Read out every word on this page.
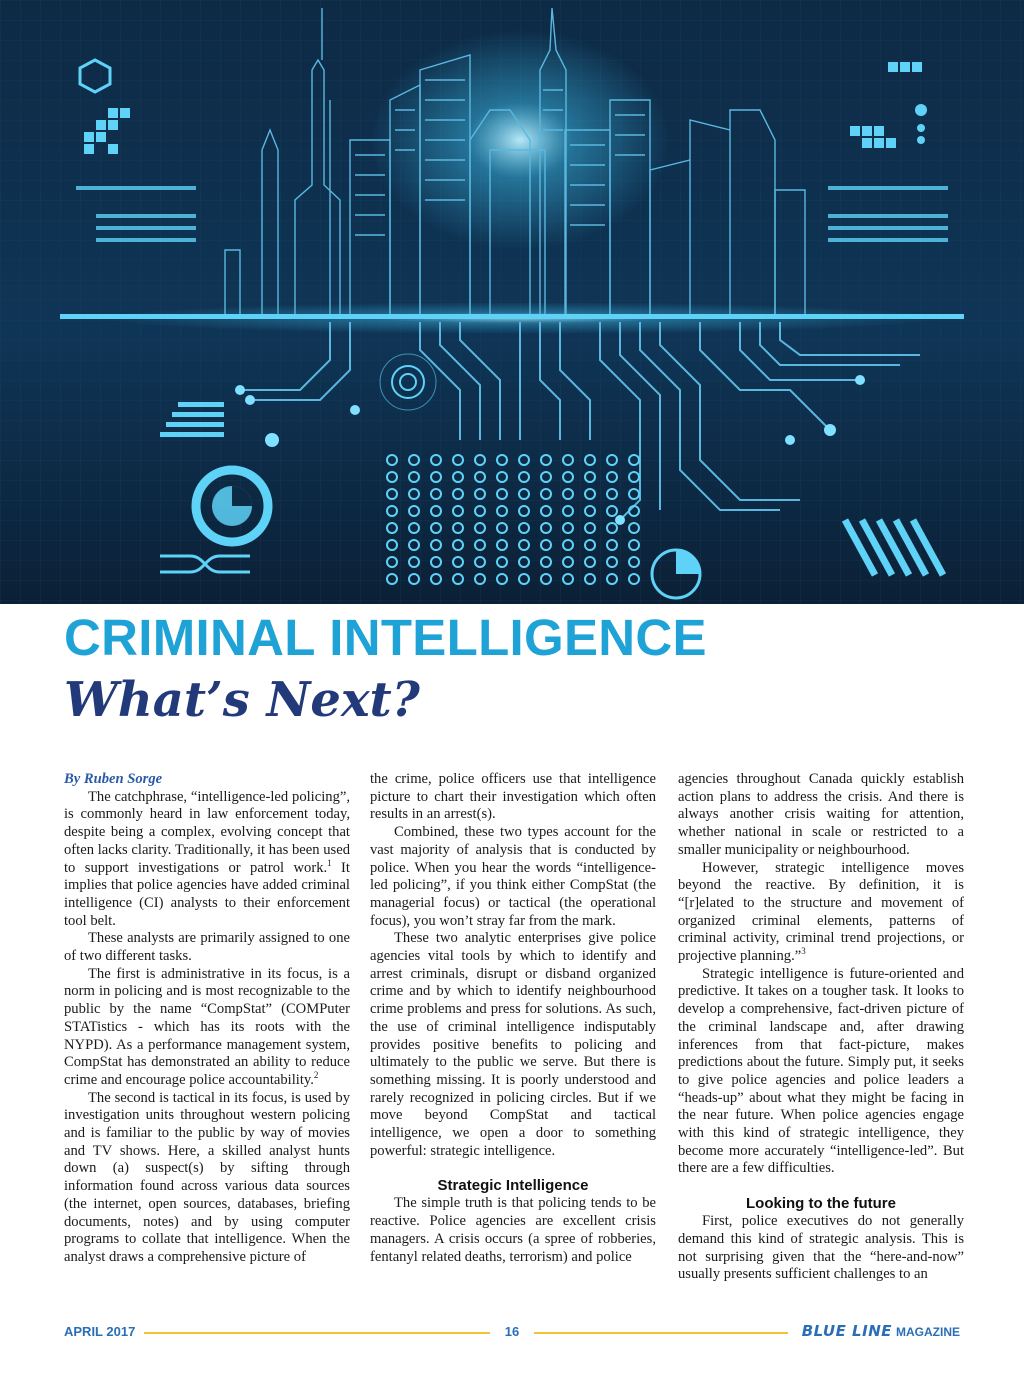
CRIMINAL INTELLIGENCE
What’s Next?

By Ruben Sorge

The catchphrase, “intelligence-led policing”, is commonly heard in law enforcement today, despite being a complex, evolving concept that often lacks clarity. Traditionally, it has been used to support investigations or patrol work.$^1$ It implies that police agencies have added criminal intelligence (CI) analysts to their enforcement tool belt.

These analysts are primarily assigned to one of two different tasks.

The first is administrative in its focus, is a norm in policing and is most recognizable to the public by the name “CompStat” (COMPuter STATistics - which has its roots with the NYPD). As a performance management system, CompStat has demonstrated an ability to reduce crime and encourage police accountability.$^2$

The second is tactical in its focus, is used by investigation units throughout western policing and is familiar to the public by way of movies and TV shows. Here, a skilled analyst hunts down (a) suspect(s) by sifting through information found across various data sources (the internet, open sources, databases, briefing documents, notes) and by using computer programs to collate that intelligence. When the analyst draws a comprehensive picture of

the crime, police officers use that intelligence picture to chart their investigation which often results in an arrest(s).

Combined, these two types account for the vast majority of analysis that is conducted by police. When you hear the words “intelligence-led policing”, if you think either CompStat (the managerial focus) or tactical (the operational focus), you won’t stray far from the mark.

These two analytic enterprises give police agencies vital tools by which to identify and arrest criminals, disrupt or disband organized crime and by which to identify neighbourhood crime problems and press for solutions. As such, the use of criminal intelligence indisputably provides positive benefits to policing and ultimately to the public we serve. But there is something missing. It is poorly understood and rarely recognized in policing circles. But if we move beyond CompStat and tactical intelligence, we open a door to something powerful: strategic intelligence.

Strategic Intelligence

The simple truth is that policing tends to be reactive. Police agencies are excellent crisis managers. A crisis occurs (a spree of robberies, fentanyl related deaths, terrorism) and police

agencies throughout Canada quickly establish action plans to address the crisis. And there is always another crisis waiting for attention, whether national in scale or restricted to a smaller municipality or neighbourhood.

However, strategic intelligence moves beyond the reactive. By definition, it is “[r]elated to the structure and movement of organized criminal elements, patterns of criminal activity, criminal trend projections, or projective planning.”$^3$

Strategic intelligence is future-oriented and predictive. It takes on a tougher task. It looks to develop a comprehensive, fact-driven picture of the criminal landscape and, after drawing inferences from that fact-picture, makes predictions about the future. Simply put, it seeks to give police agencies and police leaders a “heads-up” about what they might be facing in the near future. When police agencies engage with this kind of strategic intelligence, they become more accurately “intelligence-led”. But there are a few difficulties.

Looking to the future

First, police executives do not generally demand this kind of strategic analysis. This is not surprising given that the “here-and-now” usually presents sufficient challenges to an

APRIL 2017	16	BLUE LINE MAGAZINE
